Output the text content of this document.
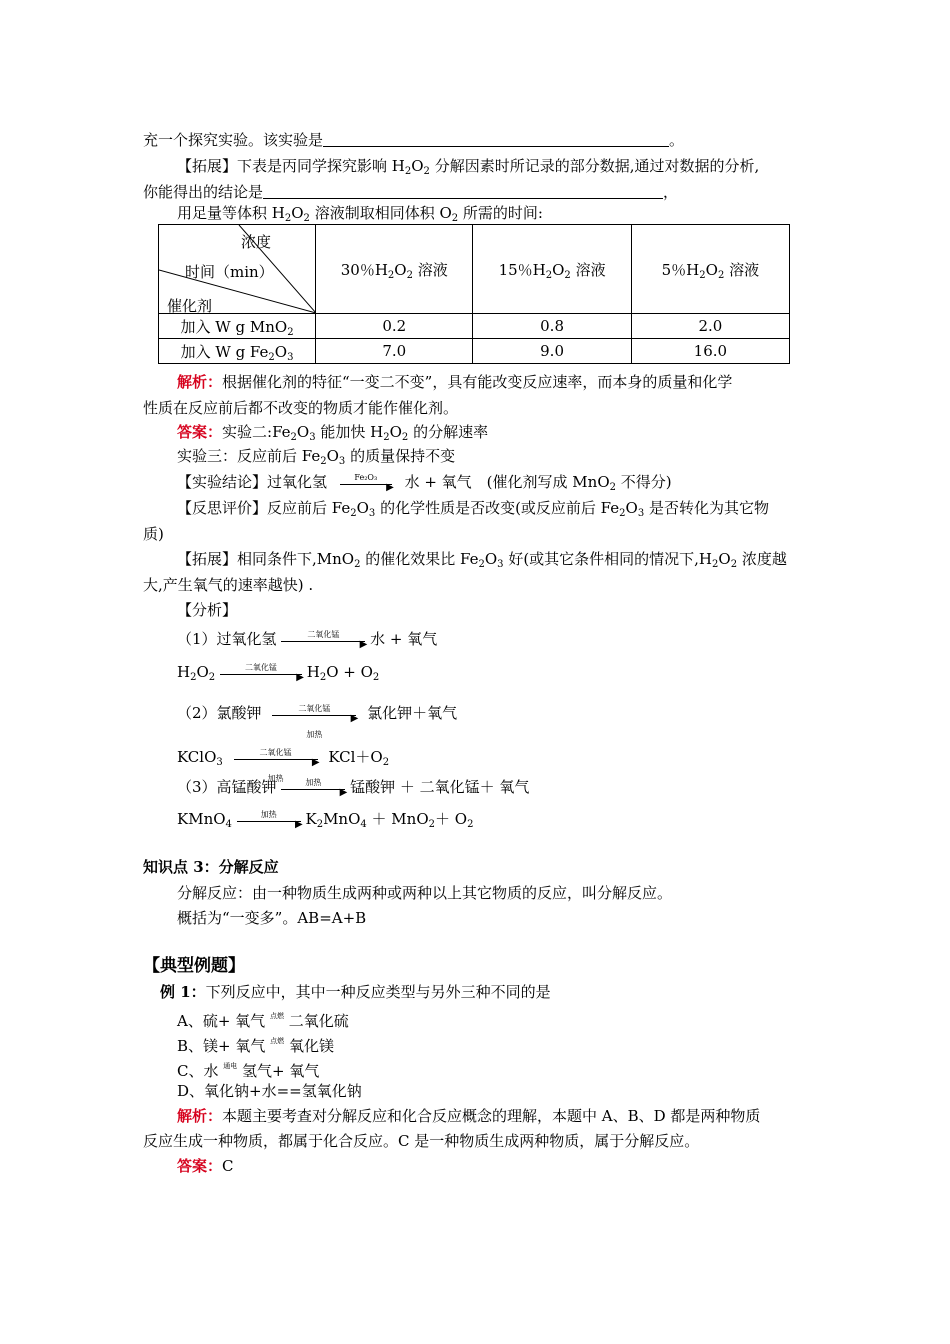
充一个探究实验。该实验是	。
【拓展】下表是丙同学探究影响 $H_2O_2$ 分解因素时所记录的部分数据,通过对数据的分析,
你能得出的结论是	，
用足量等体积 $H_2O_2$ 溶液制取相同体积 $O_2$ 所需的时间:
浓度
时间（min）
催化剂	30％$H_2O_2$ 溶液	15％$H_2O_2$ 溶液	5％$H_2O_2$ 溶液
加入 W g MnO$_2$	0.2	0.8	2.0
加入 W g $Fe_2O_3$	7.0	9.0	16.0
解析：根据催化剂的特征“一变二不变”，具有能改变反应速率，而本身的质量和化学
性质在反应前后都不改变的物质才能作催化剂。
答案：实验二$:Fe_2O_3$ 能加快 $H_2O_2$ 的分解速率
实验三：反应前后 $Fe_2O_3$ 的质量保持不变
【实验结论】过氧化氢	Fe₂O₃
▶ 水 + 氧气　(催化剂写成 MnO$_2$ 不得分)
【反思评价】反应前后 $Fe_2O_3$ 的化学性质是否改变(或反应前后 $Fe_2O_3$ 是否转化为其它物
质)
【拓展】相同条件下,MnO$_2$ 的催化效果比 $Fe_2O_3$ 好(或其它条件相同的情况下$,H_2O_2$ 浓度越
大,产生氧气的速率越快) .
【分析】
（1）过氧化氢	二氧化锰
▶ 水 + 氧气
$H_2O_2$
二氧化锰
▶ $H_2O + O_2$
（2）氯酸钾	二氧化锰
▶
加热
氯化钾＋氧气
KClO$_3$
二氧化锰
▶
加热
$KCl+O_2$
（3）高锰酸钾	加热
▶ 锰酸钾 ＋ 二氧化锰＋ 氧气
KMnO$_4$
加热
▶ $K_2MnO_4 + MnO_2+ O_2$
知识点 3：分解反应
分解反应：由一种物质生成两种或两种以上其它物质的反应，叫分解反应。
概括为“一变多”。AB=A+B
【典型例题】
例 1：下列反应中，其中一种反应类型与另外三种不同的是
A、硫+ 氧气 $^{点燃}$ 二氧化硫
B、镁+ 氧气 $^{点燃}$ 氧化镁
C、水 $^{通电}$ 氢气+ 氧气
D、氧化钠+水==氢氧化钠
解析：本题主要考查对分解反应和化合反应概念的理解，本题中 A、B、D 都是两种物质
反应生成一种物质，都属于化合反应。C 是一种物质生成两种物质，属于分解反应。
答案：C
